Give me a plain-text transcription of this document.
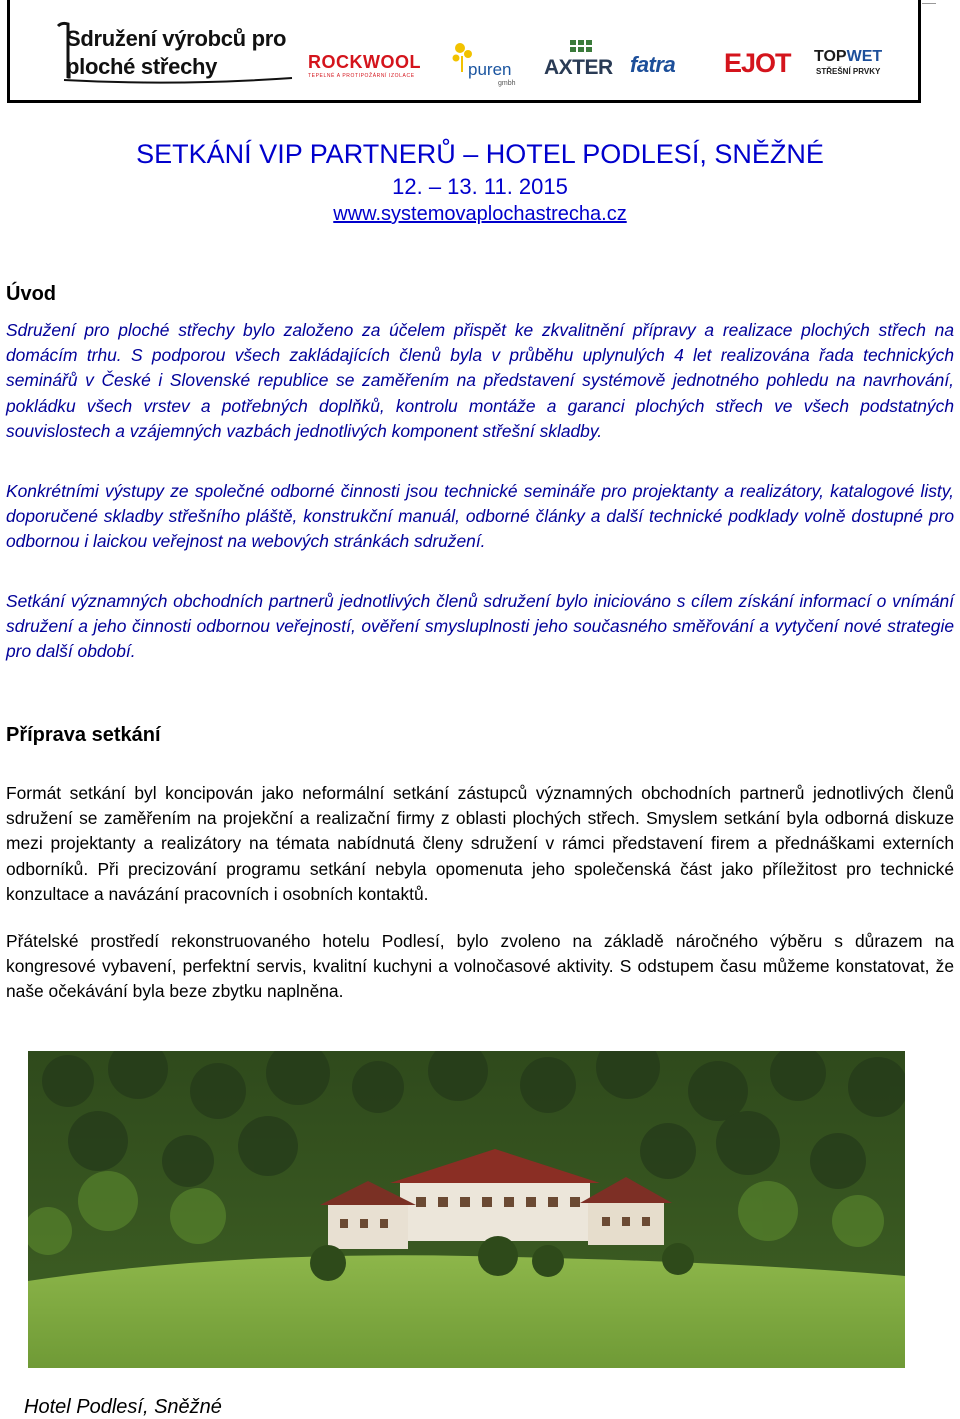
Sdružení výrobců pro
ploché střechy	ROCKWOOL
TEPELNÉ A PROTIPOŽÁRNÍ IZOLACE	puren
gmbh
AXTER fatra EJOT TOPWET
STŘEŠNÍ PRVKY
SETKÁNÍ VIP PARTNERŮ – HOTEL PODLESÍ, SNĚŽNÉ
12. – 13. 11. 2015
www.systemovaplochastrecha.cz
Úvod

Sdružení pro ploché střechy bylo založeno za účelem přispět ke zkvalitnění přípravy a realizace plochých střech na domácím trhu. S podporou všech zakládajících členů byla v průběhu uplynulých 4 let realizována řada technických seminářů v České i Slovenské republice se zaměřením na představení systémově jednotného pohledu na navrhování, pokládku všech vrstev a potřebných doplňků, kontrolu montáže a garanci plochých střech ve všech podstatných souvislostech a vzájemných vazbách jednotlivých komponent střešní skladby.

Konkrétními výstupy ze společné odborné činnosti jsou technické semináře pro projektanty a realizátory, katalogové listy, doporučené skladby střešního pláště, konstrukční manuál, odborné články a další technické podklady volně dostupné pro odbornou i laickou veřejnost na webových stránkách sdružení.

Setkání významných obchodních partnerů jednotlivých členů sdružení bylo iniciováno s cílem získání informací o vnímání sdružení a jeho činnosti odbornou veřejností, ověření smysluplnosti jeho současného směřování a vytyčení nové strategie pro další období.

Příprava setkání

Formát setkání byl koncipován jako neformální setkání zástupců významných obchodních partnerů jednotlivých členů sdružení se zaměřením na projekční a realizační firmy z oblasti plochých střech. Smyslem setkání byla odborná diskuze mezi projektanty a realizátory na témata nabídnutá členy sdružení v rámci představení firem a přednáškami externích odborníků. Při precizování programu setkání nebyla opomenuta jeho společenská část jako příležitost pro technické konzultace a navázání pracovních i osobních kontaktů.

Přátelské prostředí rekonstruovaného hotelu Podlesí, bylo zvoleno na základě náročného výběru s důrazem na kongresové vybavení, perfektní servis, kvalitní kuchyni a volnočasové aktivity. S odstupem času můžeme konstatovat, že naše očekávání byla beze zbytku naplněna.

Hotel Podlesí, Sněžné
